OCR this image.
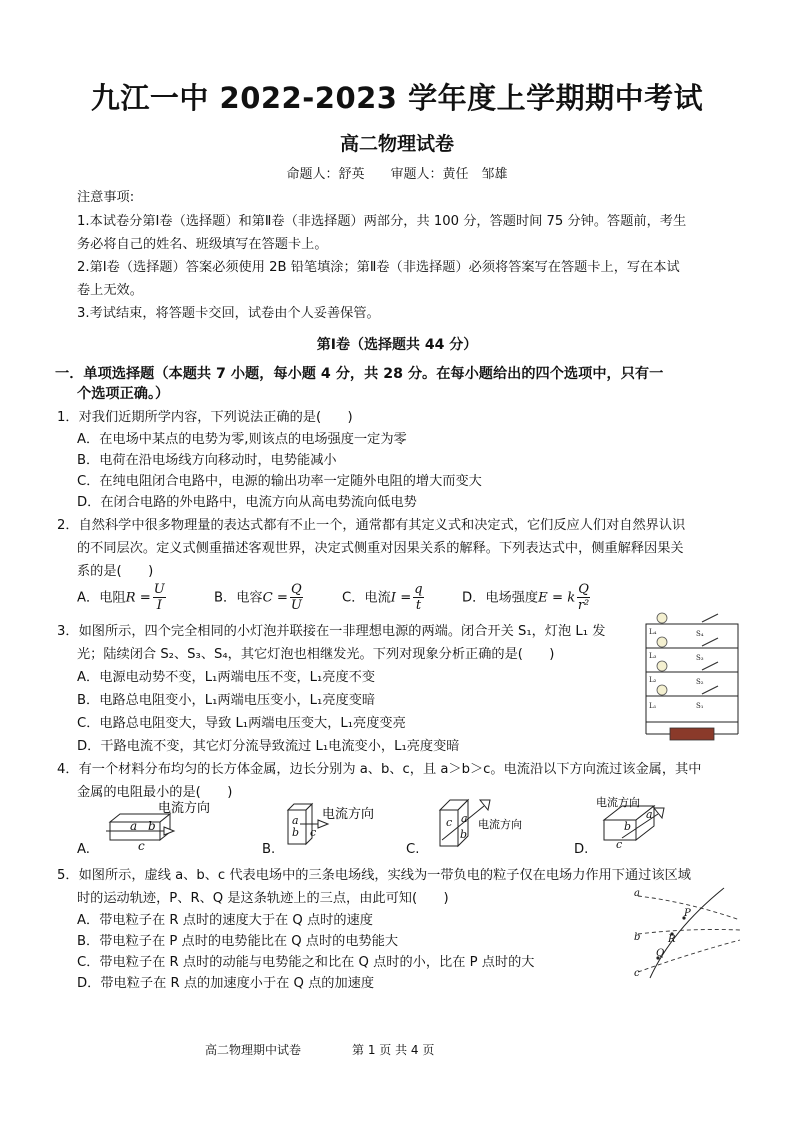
九江一中 2022-2023 学年度上学期期中考试
高二物理试卷
命题人：舒英　　审题人：黄任　邹雄
注意事项:
1.本试卷分第Ⅰ卷（选择题）和第Ⅱ卷（非选择题）两部分，共 100 分，答题时间 75 分钟。答题前，考生
务必将自己的姓名、班级填写在答题卡上。
2.第Ⅰ卷（选择题）答案必须使用 2B 铅笔填涂；第Ⅱ卷（非选择题）必须将答案写在答题卡上，写在本试
卷上无效。
3.考试结束，将答题卡交回，试卷由个人妥善保管。
第Ⅰ卷（选择题共 44 分）
一．单项选择题（本题共 7 小题，每小题 4 分，共 28 分。在每小题给出的四个选项中，只有一
个选项正确。）
1．对我们近期所学内容，下列说法正确的是(　　)
A．在电场中某点的电势为零,则该点的电场强度一定为零
B．电荷在沿电场线方向移动时，电势能减小
C．在纯电阻闭合电路中，电源的输出功率一定随外电阻的增大而变大
D．在闭合电路的外电路中，电流方向从高电势流向低电势
2．自然科学中很多物理量的表达式都有不止一个，通常都有其定义式和决定式，它们反应人们对自然界认识
的不同层次。定义式侧重描述客观世界，决定式侧重对因果关系的解释。下列表达式中，侧重解释因果关
系的是(　　)
A．电阻$R = \frac{U}{I}$	B．电容$C = \frac{Q}{U}$	C．电流$I = \frac{q}{t}$	D．电场强度E = k $\frac{Q}{\text{r²}}$
3．如图所示，四个完全相同的小灯泡并联接在一非理想电源的两端。闭合开关 S₁，灯泡 L₁ 发
光；陆续闭合 S₂、S₃、S₄，其它灯泡也相继发光。下列对现象分析正确的是(　　)
A．电源电动势不变，L₁两端电压不变，L₁亮度不变
B．电路总电阻变小，L₁两端电压变小，L₁亮度变暗
C．电路总电阻变大，导致 L₁两端电压变大，L₁亮度变亮
D．干路电流不变，其它灯分流导致流过 L₁电流变小，L₁亮度变暗
L₄	S₄
L₃	S₃
L₂	S₂
L₁	S₁
4．有一个材料分布均匀的长方体金属，边长分别为 a、b、c，且 a＞b＞c。电流沿以下方向流过该金属，其中
金属的电阻最小的是(　　)
a b
c
电流方向
A.
a
b c
电流方向
B.
c a
b
电流方向
C.
a
b
c
电流方向
D.
5．如图所示，虚线 a、b、c 代表电场中的三条电场线，实线为一带负电的粒子仅在电场力作用下通过该区域
时的运动轨迹，P、R、Q 是这条轨迹上的三点，由此可知(　　)
A．带电粒子在 R 点时的速度大于在 Q 点时的速度
B．带电粒子在 P 点时的电势能比在 Q 点时的电势能大
C．带电粒子在 R 点时的动能与电势能之和比在 Q 点时的小，比在 P 点时的大
D．带电粒子在 R 点的加速度小于在 Q 点的加速度
a
b
c
P
R
Q
高二物理期中试卷	第 1 页 共 4 页
